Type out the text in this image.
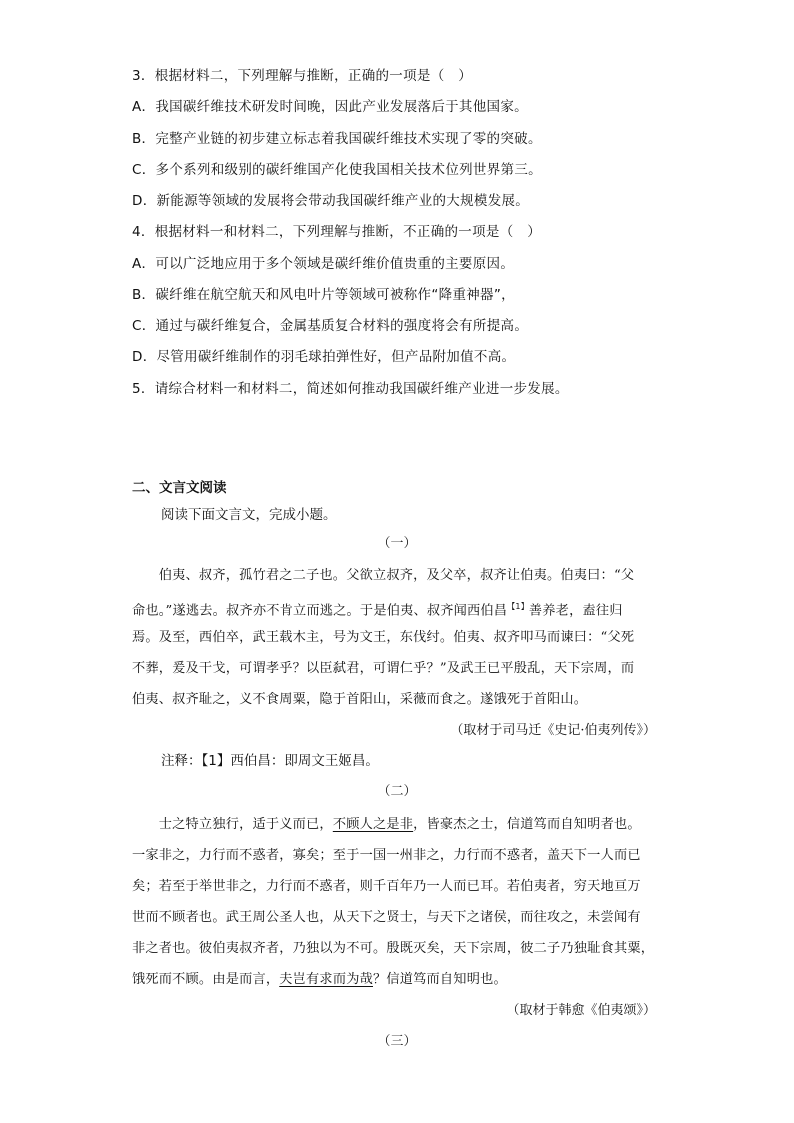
3．根据材料二，下列理解与推断，正确的一项是（　）
A．我国碳纤维技术研发时间晚，因此产业发展落后于其他国家。
B．完整产业链的初步建立标志着我国碳纤维技术实现了零的突破。
C．多个系列和级别的碳纤维国产化使我国相关技术位列世界第三。
D．新能源等领域的发展将会带动我国碳纤维产业的大规模发展。
4．根据材料一和材料二，下列理解与推断，不正确的一项是（　）
A．可以广泛地应用于多个领域是碳纤维价值贵重的主要原因。
B．碳纤维在航空航天和风电叶片等领域可被称作“降重神器”，
C．通过与碳纤维复合，金属基质复合材料的强度将会有所提高。
D．尽管用碳纤维制作的羽毛球拍弹性好，但产品附加值不高。
5．请综合材料一和材料二，简述如何推动我国碳纤维产业进一步发展。
二、文言文阅读
阅读下面文言文，完成小题。
（一）
　　伯夷、叔齐，孤竹君之二子也。父欲立叔齐，及父卒，叔齐让伯夷。伯夷曰：“父
命也。”遂逃去。叔齐亦不肯立而逃之。于是伯夷、叔齐闻西伯昌$^{【1】}$善养老，盍往归
焉。及至，西伯卒，武王载木主，号为文王，东伐纣。伯夷、叔齐叩马而谏曰：“父死
不葬，爰及干戈，可谓孝乎？以臣弑君，可谓仁乎？”及武王已平殷乱，天下宗周，而
伯夷、叔齐耻之，义不食周粟，隐于首阳山，采薇而食之。遂饿死于首阳山。
（取材于司马迁《史记·伯夷列传》）
注释：【1】西伯昌：即周文王姬昌。
（二）
　　士之特立独行，适于义而已，不顾人之是非，皆豪杰之士，信道笃而自知明者也。
一家非之，力行而不惑者，寡矣；至于一国一州非之，力行而不惑者，盖天下一人而已
矣；若至于举世非之，力行而不惑者，则千百年乃一人而已耳。若伯夷者，穷天地亘万
世而不顾者也。武王周公圣人也，从天下之贤士，与天下之诸侯，而往攻之，未尝闻有
非之者也。彼伯夷叔齐者，乃独以为不可。殷既灭矣，天下宗周，彼二子乃独耻食其粟，
饿死而不顾。由是而言，夫岂有求而为哉？信道笃而自知明也。
（取材于韩愈《伯夷颂》）
（三）
